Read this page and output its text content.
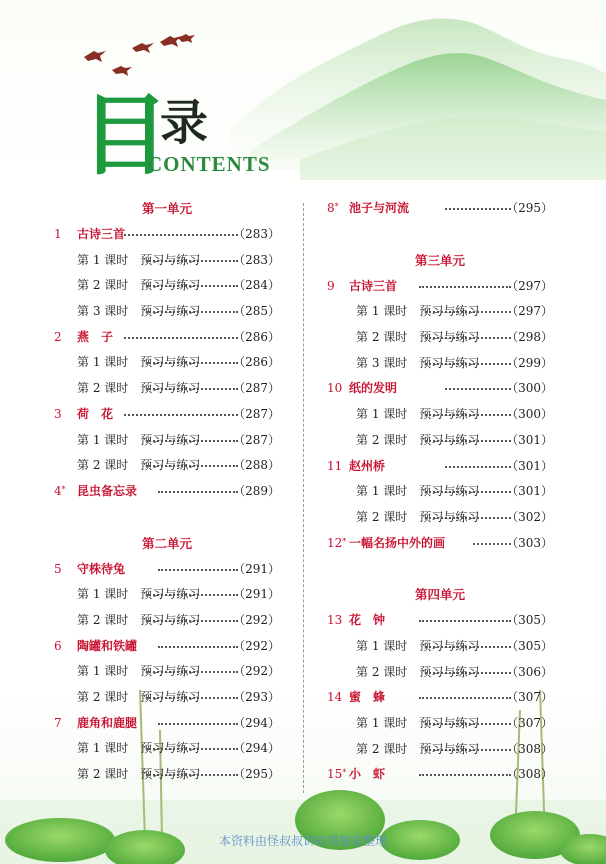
目
录
CONTENTS
第一单元
1 古诗三首	（283）
第 1 课时　预习与练习	（283）
第 2 课时　预习与练习	（284）
第 3 课时　预习与练习	（285）
2 燕　子	（286）
第 1 课时　预习与练习	（286）
第 2 课时　预习与练习	（287）
3 荷　花	（287）
第 1 课时　预习与练习	（287）
第 2 课时　预习与练习	（288）
4* 昆虫备忘录	（289）
第二单元
5 守株待兔	（291）
第 1 课时　预习与练习	（291）
第 2 课时　预习与练习	（292）
6 陶罐和铁罐	（292）
第 1 课时　预习与练习	（292）
第 2 课时　预习与练习	（293）
7 鹿角和鹿腿	（294）
第 1 课时　预习与练习	（294）
第 2 课时　预习与练习	（295）
8* 池子与河流	（295）
第三单元
9 古诗三首	（297）
第 1 课时　预习与练习 （297）
第 2 课时　预习与练习 （298）
第 3 课时　预习与练习 （299）
10 纸的发明	（300）
第 1 课时　预习与练习 （300）
第 2 课时　预习与练习 （301）
11 赵州桥	（301）
第 1 课时　预习与练习 （301）
第 2 课时　预习与练习 （302）
12* 一幅名扬中外的画	（303）
第四单元
13 花　钟	（305）
第 1 课时　预习与练习 （305）
第 2 课时　预习与练习 （306）
14 蜜　蜂	（307）
第 1 课时　预习与练习 （307）
第 2 课时　预习与练习 （308）
15* 小　虾	（308）
本资料由怪叔叔讲故事独家整理
